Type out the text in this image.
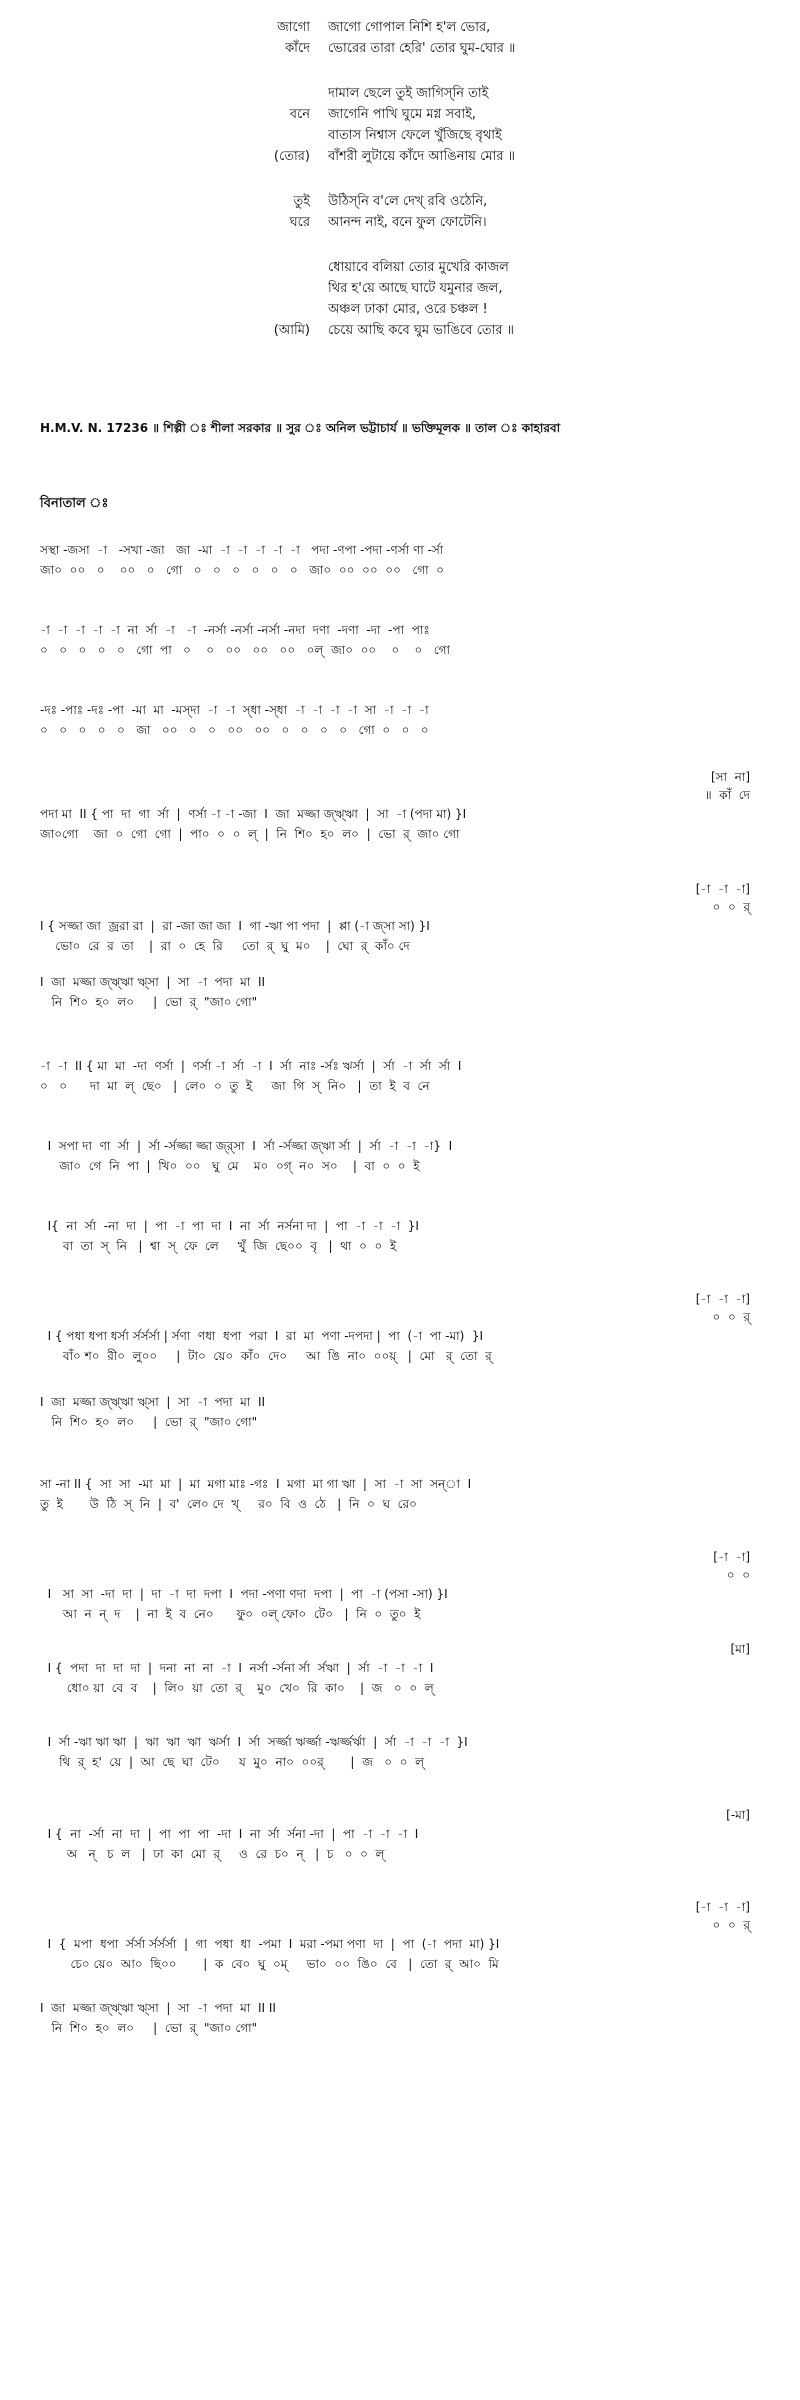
জাগো	জাগো গোপাল নিশি হ'ল ভোর,
কাঁদে	ভোরের তারা হেরি' তোর ঘুম-ঘোর ॥
দামাল ছেলে তুই জাগিস্‌নি তাই
বনে	জাগেনি পাখি ঘুমে মগ্ন সবাই,
বাতাস নিশ্বাস ফেলে খুঁজিছে বৃথাই
(তোর)	বাঁশরী লুটায়ে কাঁদে আঙিনায় মোর ॥
তুই	উঠিস্‌নি ব'লে দেখ্‌ রবি ওঠেনি,
ঘরে	আনন্দ নাই, বনে ফুল ফোটেনি।
ধোয়াবে বলিয়া তোর মুখেরি কাজল
থির হ'য়ে আছে ঘাটে যমুনার জল,
অঞ্চল ঢাকা মোর, ওরে চঞ্চল !
(আমি)	চেয়ে আছি কবে ঘুম ভাঙিবে তোর ॥
H.M.V. N. 17236 ॥ শিল্পী ঃ শীলা সরকার ॥ সুর ঃ অনিল ভট্টাচার্য ॥ ভক্তিমূলক ॥ তাল ঃ কাহারবা
বিনাতাল ঃ
সস্থা -জসা  -া   -সখা -জা   জা  -মা  -া  -া  -া  -া  -া   পদা -ণপা -পদা -ণর্সা ণা -র্সা
জা০  ০০   ০    ০০   ০   গো   ০   ০   ০   ০   ০   ০   জা০  ০০  ০০  ০০   গো  ০
-া  -া  -া  -া  -া  না  র্সা  -া   -া  -নর্সা -নর্সা -নর্সা -নদা  দণা  -দণা  -দা  -পা  পাঃ
০   ০   ০   ০   ০   গো  পা   ০    ০   ০০   ০০   ০০   ০ল্‌  জা০  ০০    ০    ০   গো
-দঃ -পাঃ -দঃ -পা  -মা  মা  -মস্দা  -া  -া  স্ধা -স্ধা  -া  -া  -া  -া  সা  -া  -া  -া
০   ০   ০   ০   ০   জা   ০০   ০   ০   ০০   ০০   ০   ০   ০   ০   গো  ০   ০   ০
[সা  না]
॥  কাঁ  দে
পদা মা  II { পা  দা  গা  র্সা  |  ণর্সা -া -া -জা  I  জা  মজ্জা জ্ঋ্ঋা  |  সা  -া (পদা মা) }I
জা০গো    জা  ০  গো  গো  |  পা০  ০  ০  ল্‌  |  নি  শি০  হ০  ল০  |  ভো  র্‌  জা০ গো
[-া  -া  -া]
০  ০  র্‌
I { সজ্জা জা  জ্ররা রা  |  রা -জা জা জা  I  গা -ঋা পা পদা  |  প্পা (-া জ্সা সা) }I
ভো০  রে  র  তা    |  রা  ০  হে  রি     তো  র্‌  ঘু  ম০    |  ঘো  র্‌  কাঁ০ দে
I  জা  মজ্জা জ্ঋ্ঋা ঋ্সা  |  সা  -া  পদা  মা  II
নি  শি০  হ০  ল০     |  ভো  র্‌  "জা০ গো"
-া  -া  II { মা  মা  -দা  ণর্সা  |  ণর্সা -া  র্সা  -া  I  র্সা  নাঃ -র্সঃ ঋর্সা  |  র্সা  -া  র্সা  র্সা  I
০   ০      দা  মা  ল্‌  ছে০   |  লে০  ০  তু  ই     জা  গি  স্‌  নি০   |  তা  ই  ব  নে
I  সপা দা  ণা  র্সা  |  র্সা -র্সজ্জা জ্জা জ্র্সা  I  র্সা -র্সজ্জা জ্ঋা র্সা  |  র্সা  -া  -া  -া}  I
জা০  গে  নি  পা  |  খি০  ০০   ঘু  মে    ম০  ০গ্‌  ন০  স০    |  বা  ০  ০  ই
I{  না  র্সা  -না  দা  |  পা  -া  পা  দা  I  না  র্সা  নর্সনা দা  |  পা  -া  -া  -া  }I
বা  তা  স্‌  নি   |  শ্বা  স্‌  ফে  লে     খুঁ  জি  ছে০০  বৃ   |  থা  ০  ০  ই
[-া  -া  -া]
০  ০  র্‌
I { পধা ধপা ধর্সা র্সর্সর্সা | র্সণা  ণধা  ধপা  পরা  I  রা  মা  পণা -দপদা |  পা  (-া  পা -মা)  }I
বাঁ০ শ০  রী০  লু০০     |  টা০  য়ে০  কাঁ০  দে০     আ  ঙি  না০  ০০য়্‌   |  মো   র্‌  তো  র্‌
I  জা  মজ্জা জ্ঋ্ঋা ঋ্সা  |  সা  -া  পদা  মা  II
নি  শি০  হ০  ল০     |  ভো  র্‌  "জা০ গো"
সা -না II {  সা  সা  -মা  মা  |  মা  মগা মাঃ -গঃ  I  মগা  মা গা ঋা  |  সা  -া  সা  সন্‌া  I
তু  ই       উ  ঠি  স্‌  নি  |  ব'  লে০ দে  খ্‌     র০  বি  ও  ঠে   |  নি  ০  ঘ  রে০
[-া  -া]
০  ০
I   সা  সা  -দা  দা  |  দা  -া  দা  দপা  I  পদা -পণা ণদা  দপা  |  পা  -া (পসা -সা) }I
আ  ন  ন্‌  দ    |  না  ই  ব  নে০      ফু০  ০ল্‌ ফো০  টে০   |  নি  ০  তু০  ই
[মা]
I {  পদা  দা  দা  দা  |  দনা  না  না  -া  I  নর্সা -র্সনা র্সা  র্সঋা  |  র্সা  -া  -া  -া  I
ধো০ য়া  বে  ব    |  লি০  য়া  তো  র্‌    মু০  খে০  রি  কা০    |  জ   ০  ০  ল্‌
I  র্সা -ঋা ঋা ঋা  |  ঋা  ঋা  ঋা  ঋর্সা  I  র্সা  সর্জ্জা ঋর্জ্জা -ঋর্জ্জর্ঋা  |  র্সা  -া  -া  -া  }I
থি  র্‌  হ'  য়ে  |  আ  ছে  ঘা  টে০     য  মু০  না০  ০০র্‌       |  জ   ০  ০  ল্‌
[-মা]
I {  না  -র্সা  না  দা  |  পা  পা  পা  -দা  I  না  র্সা  র্সনা -দা  |  পা  -া  -া  -া  I
অ   ন্‌   চ  ল   |  ঢা  কা  মো  র্‌     ও  রে  চ০  ন্‌   |  চ   ০  ০  ল্‌
[-া  -া  -া]
০  ০  র্‌
I  {  মপা  ধপা  র্সর্সা র্সর্সর্সা  |  গা  পধা  ধা  -পমা  I  মরা -পমা পণা  দা  |  পা  (-া  পদা  মা) }I
চে০ য়ে০  আ০  ছি০০       |  ক  বে০  ঘু  ০ম্‌     ভা০  ০০  ঙি০  বে   |  তো  র্‌  আ০  মি
I  জা  মজ্জা জ্ঋ্ঋা ঋ্সা  |  সা  -া  পদা  মা  II II
নি  শি০  হ০  ল০     |  ভো  র্‌  "জা০ গো"
